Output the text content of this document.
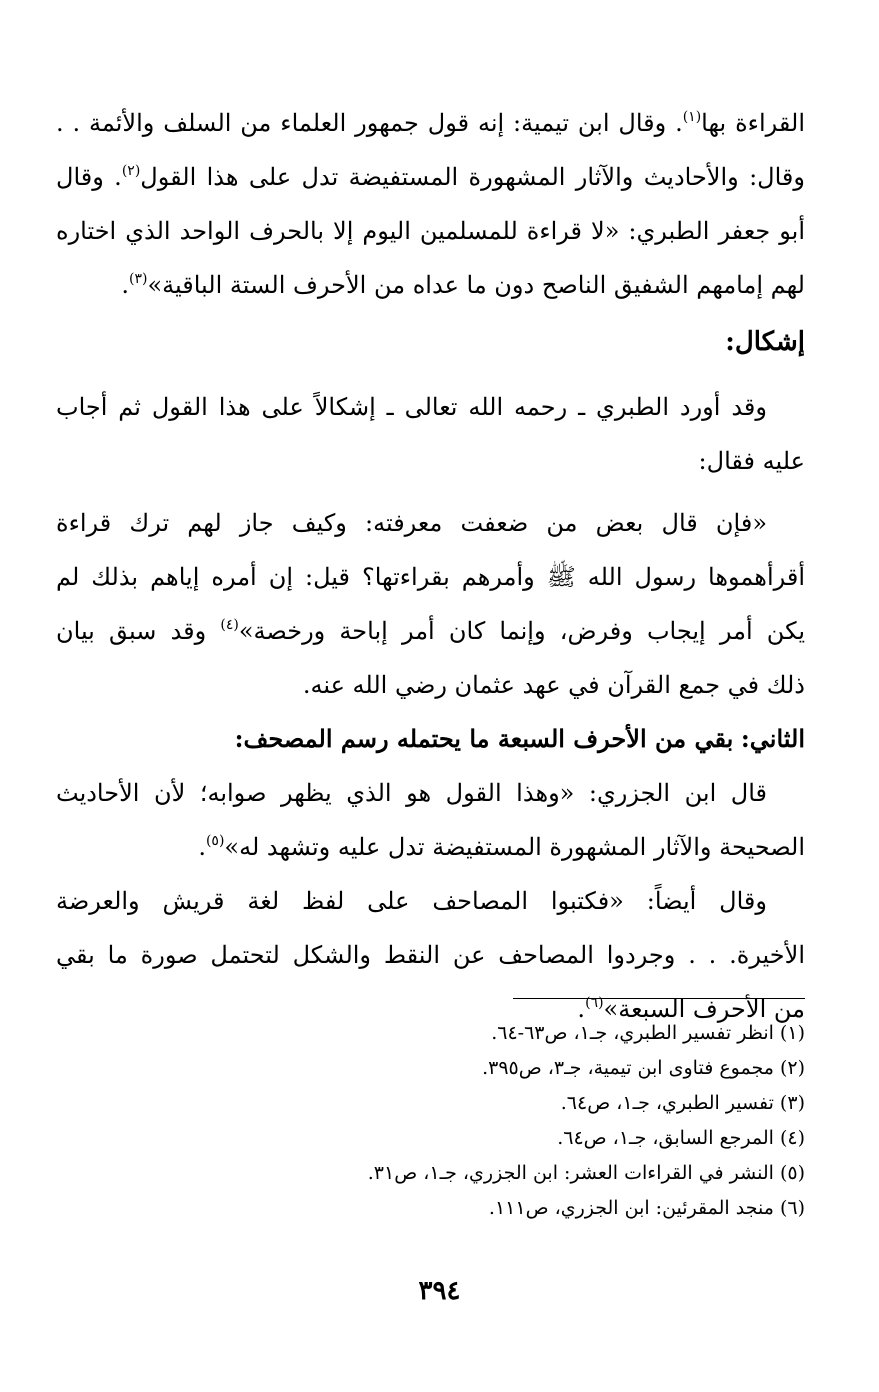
القراءة بها$^{(١)}$. وقال ابن تيمية: إنه قول جمهور العلماء من السلف والأئمة . .
وقال: والأحاديث والآثار المشهورة المستفيضة تدل على هذا القول$^{(٢)}$. وقال
أبو جعفر الطبري: «لا قراءة للمسلمين اليوم إلا بالحرف الواحد الذي اختاره
لهم إمامهم الشفيق الناصح دون ما عداه من الأحرف الستة الباقية»$^{(٣)}$.
إشكال:
وقد أورد الطبري ـ رحمه الله تعالى ـ إشكالاً على هذا القول ثم أجاب
عليه فقال:
«فإن قال بعض من ضعفت معرفته: وكيف جاز لهم ترك قراءة
أقرأهموها رسول الله ﷺ وأمرهم بقراءتها؟ قيل: إن أمره إياهم بذلك لم
يكن أمر إيجاب وفرض، وإنما كان أمر إباحة ورخصة»$^{(٤)}$ وقد سبق بيان
ذلك في جمع القرآن في عهد عثمان رضي الله عنه.
الثاني: بقي من الأحرف السبعة ما يحتمله رسم المصحف:
قال ابن الجزري: «وهذا القول هو الذي يظهر صوابه؛ لأن الأحاديث
الصحيحة والآثار المشهورة المستفيضة تدل عليه وتشهد له»$^{(٥)}$.
وقال أيضاً: «فكتبوا المصاحف على لفظ لغة قريش والعرضة
الأخيرة. . . وجردوا المصاحف عن النقط والشكل لتحتمل صورة ما بقي
من الأحرف السبعة»$^{(٦)}$.
(١) انظر تفسير الطبري، جـ١، ص٦٣-٦٤.
(٢) مجموع فتاوى ابن تيمية، جـ٣، ص٣٩٥.
(٣) تفسير الطبري، جـ١، ص٦٤.
(٤) المرجع السابق، جـ١، ص٦٤.
(٥) النشر في القراءات العشر: ابن الجزري، جـ١، ص٣١.
(٦) منجد المقرئين: ابن الجزري، ص١١١.
٣٩٤
